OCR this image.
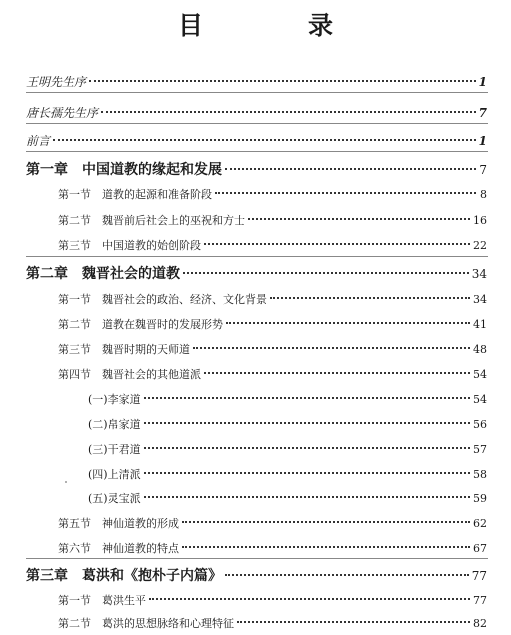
目　录
王明先生序	1
唐长孺先生序	7
前言	1
第一章　中国道教的缘起和发展	7
第一节　道教的起源和准备阶段	8
第二节　魏晋前后社会上的巫祝和方士	16
第三节　中国道教的始创阶段	22
第二章　魏晋社会的道教	34
第一节　魏晋社会的政治、经济、文化背景	34
第二节　道教在魏晋时的发展形势	41
第三节　魏晋时期的天师道	48
第四节　魏晋社会的其他道派	54
(一)李家道	54
(二)帛家道	56
(三)干君道	57
(四)上清派	58
(五)灵宝派	59
第五节　神仙道教的形成	62
第六节　神仙道教的特点	67
第三章　葛洪和《抱朴子内篇》	77
第一节　葛洪生平	77
第二节　葛洪的思想脉络和心理特征	82
